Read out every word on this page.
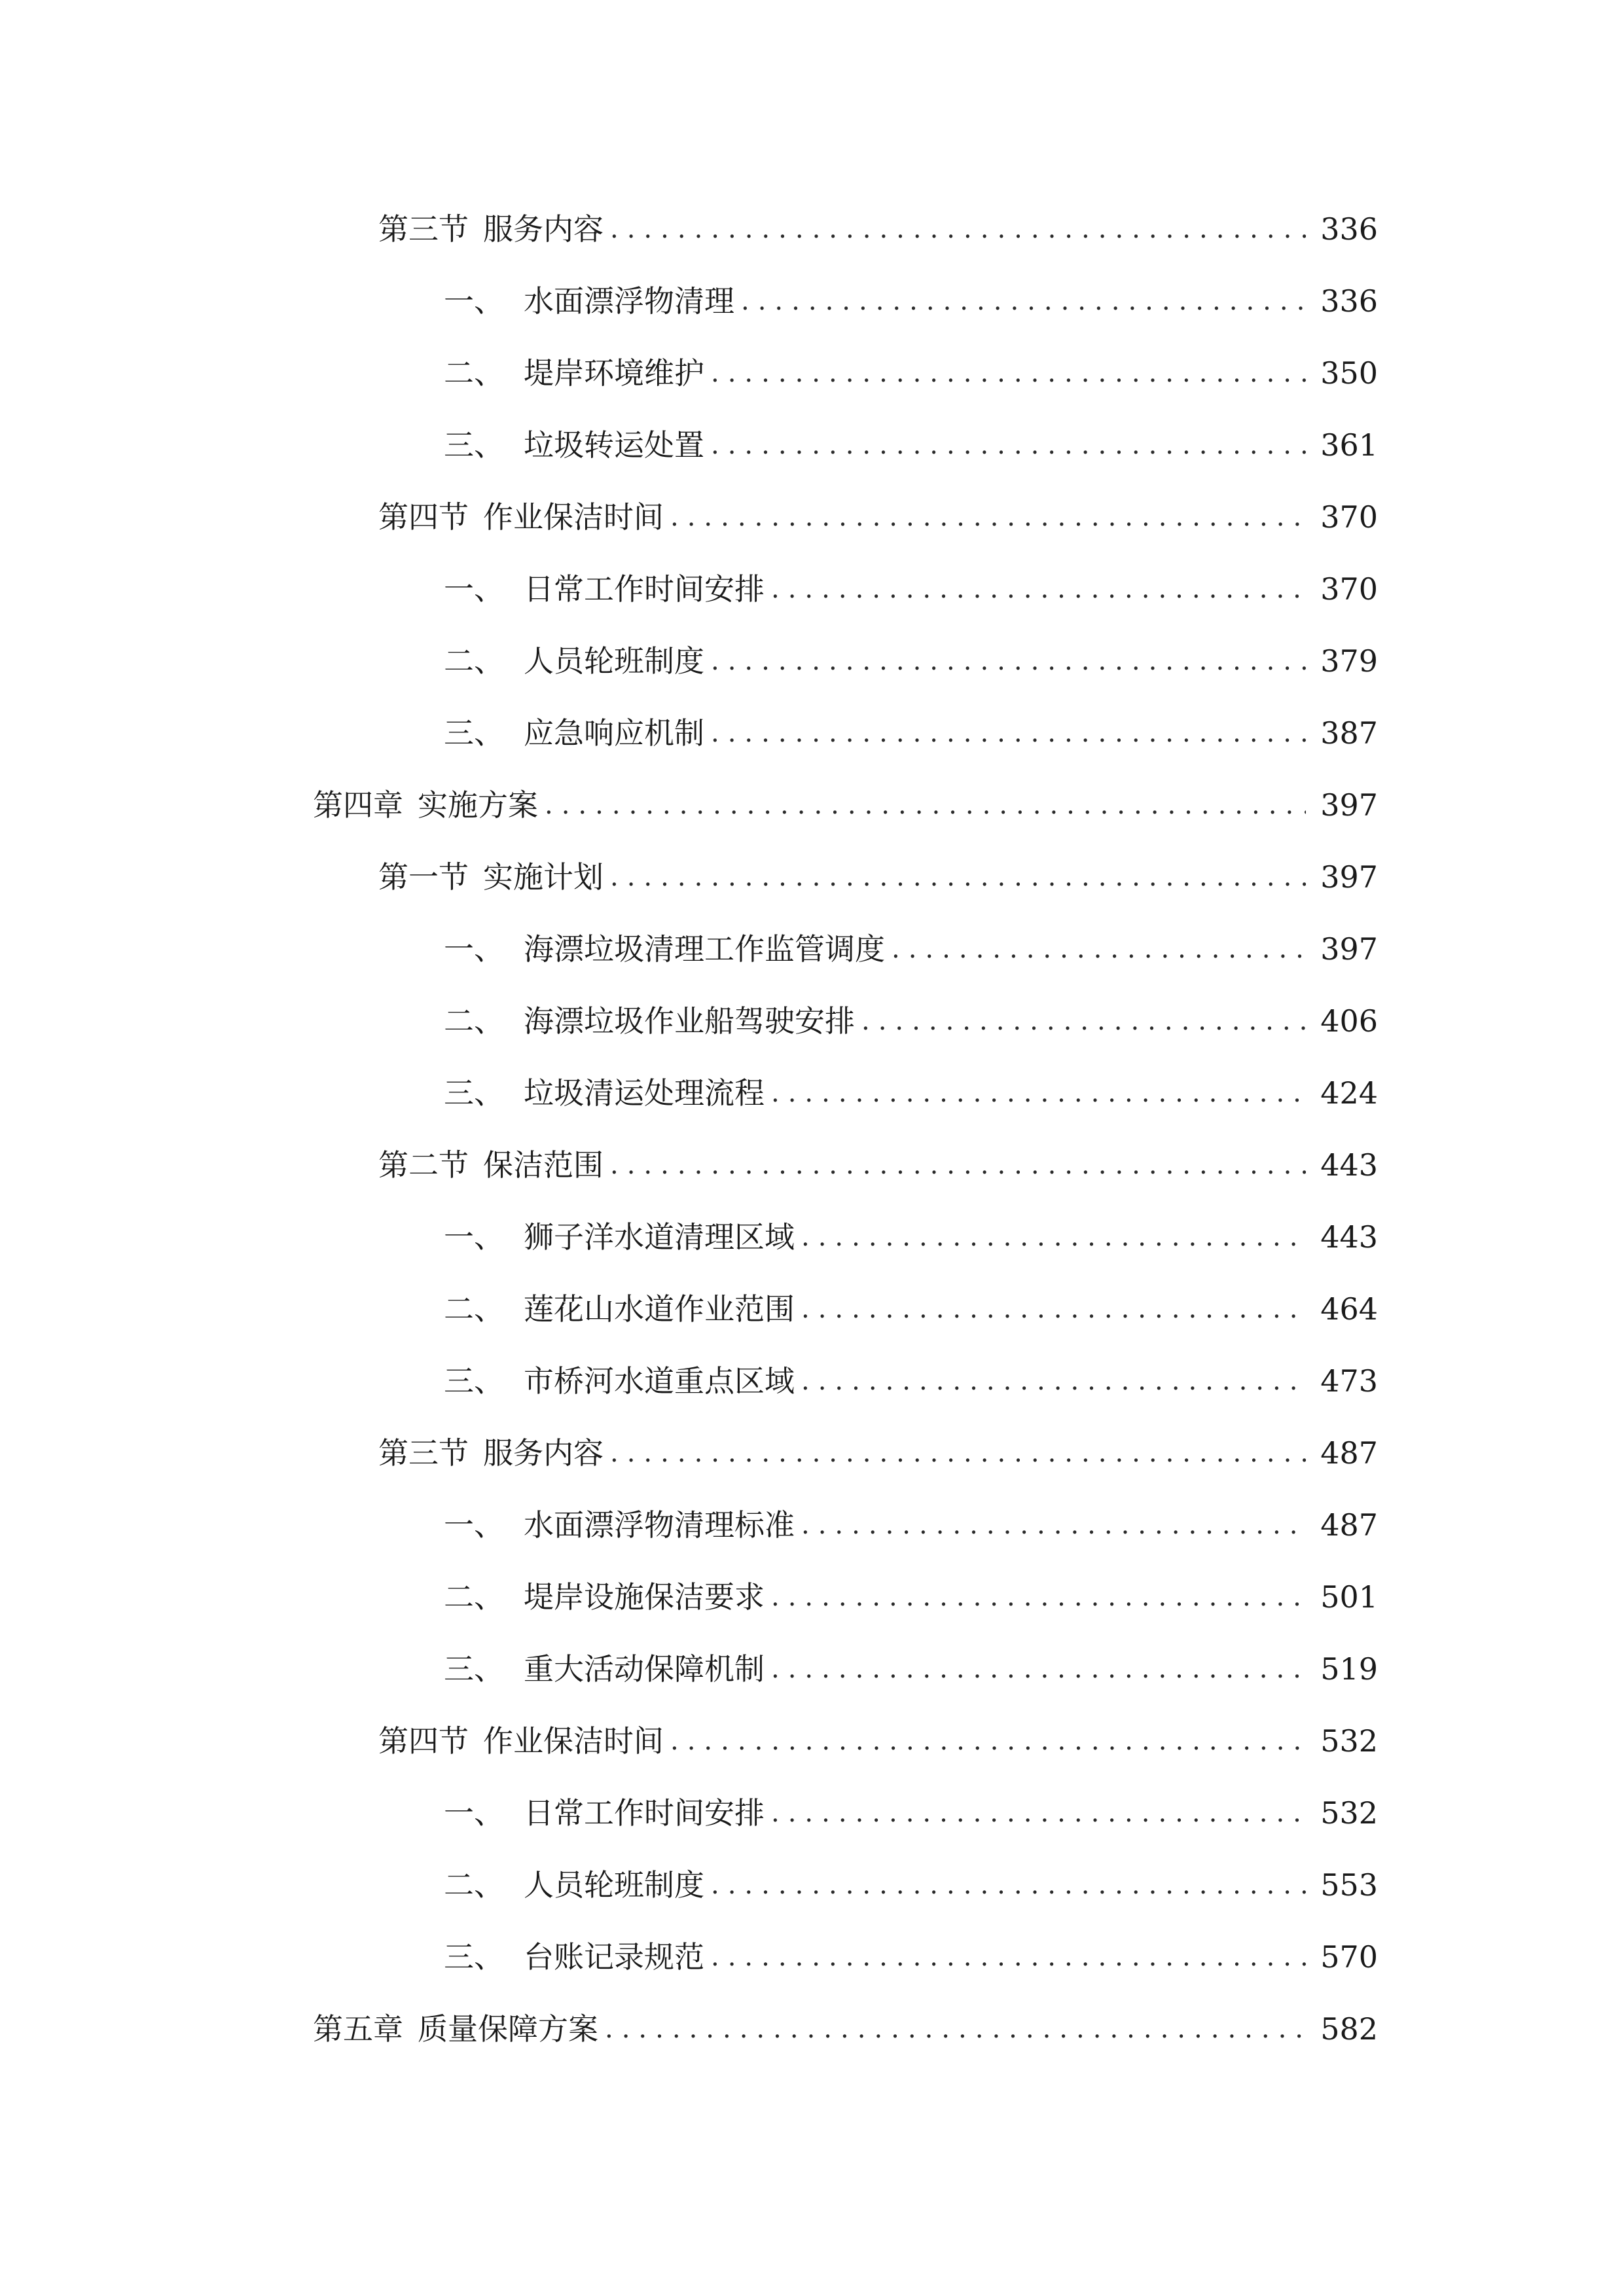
第三节 服务内容 .....	336
一、 水面漂浮物清理 .....	336
二、 堤岸环境维护 .....	350
三、 垃圾转运处置 .....	361
第四节 作业保洁时间 .....	370
一、 日常工作时间安排 .....	370
二、 人员轮班制度 .....	379
三、 应急响应机制 .....	387
第四章 实施方案 .....	397
第一节 实施计划 .....	397
一、 海漂垃圾清理工作监管调度 .....	397
二、 海漂垃圾作业船驾驶安排 .....	406
三、 垃圾清运处理流程 .....	424
第二节 保洁范围 .....	443
一、 狮子洋水道清理区域 .....	443
二、 莲花山水道作业范围 .....	464
三、 市桥河水道重点区域 .....	473
第三节 服务内容 .....	487
一、 水面漂浮物清理标准 .....	487
二、 堤岸设施保洁要求 .....	501
三、 重大活动保障机制 .....	519
第四节 作业保洁时间 .....	532
一、 日常工作时间安排 .....	532
二、 人员轮班制度 .....	553
三、 台账记录规范 .....	570
第五章 质量保障方案 .....	582
